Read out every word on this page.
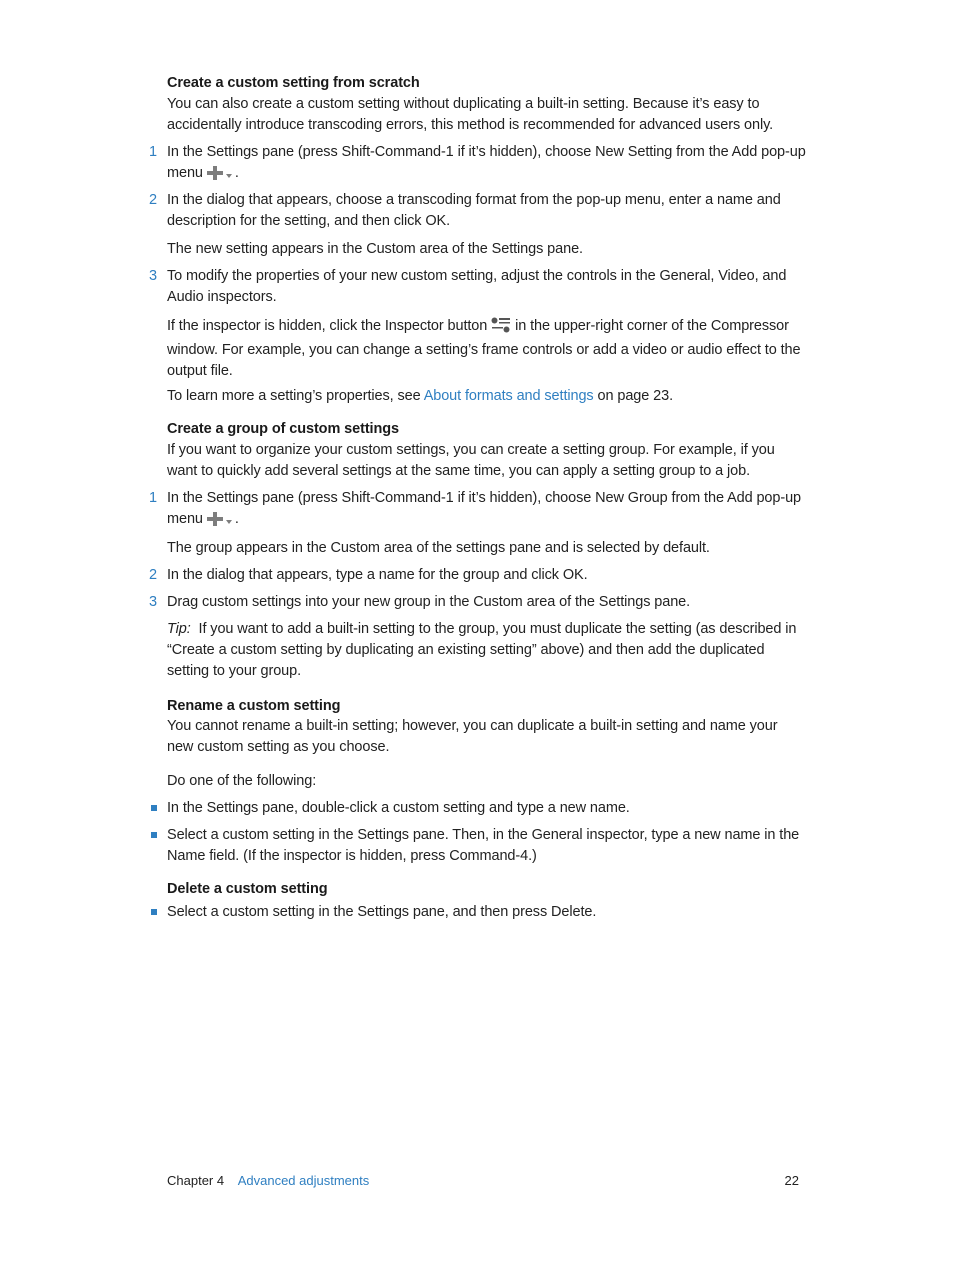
Create a custom setting from scratch

You can also create a custom setting without duplicating a built-in setting. Because it’s easy to accidentally introduce transcoding errors, this method is recommended for advanced users only.

1 In the Settings pane (press Shift-Command-1 if it’s hidden), choose New Setting from the Add pop-up menu .

2 In the dialog that appears, choose a transcoding format from the pop-up menu, enter a name and description for the setting, and then click OK.

The new setting appears in the Custom area of the Settings pane.

3 To modify the properties of your new custom setting, adjust the controls in the General, Video, and Audio inspectors.

If the inspector is hidden, click the Inspector button in the upper-right corner of the Compressor window. For example, you can change a setting’s frame controls or add a video or audio effect to the output file.

To learn more a setting’s properties, see About formats and settings on page 23.

Create a group of custom settings

If you want to organize your custom settings, you can create a setting group. For example, if you want to quickly add several settings at the same time, you can apply a setting group to a job.

1 In the Settings pane (press Shift-Command-1 if it’s hidden), choose New Group from the Add pop-up menu .

The group appears in the Custom area of the settings pane and is selected by default.

2 In the dialog that appears, type a name for the group and click OK.

3 Drag custom settings into your new group in the Custom area of the Settings pane.

Tip: If you want to add a built-in setting to the group, you must duplicate the setting (as described in “Create a custom setting by duplicating an existing setting” above) and then add the duplicated setting to your group.

Rename a custom setting

You cannot rename a built-in setting; however, you can duplicate a built-in setting and name your new custom setting as you choose.

Do one of the following:

In the Settings pane, double-click a custom setting and type a new name.

Select a custom setting in the Settings pane. Then, in the General inspector, type a new name in the Name field. (If the inspector is hidden, press Command-4.)

Delete a custom setting

Select a custom setting in the Settings pane, and then press Delete.

Chapter 4 Advanced adjustments	22
